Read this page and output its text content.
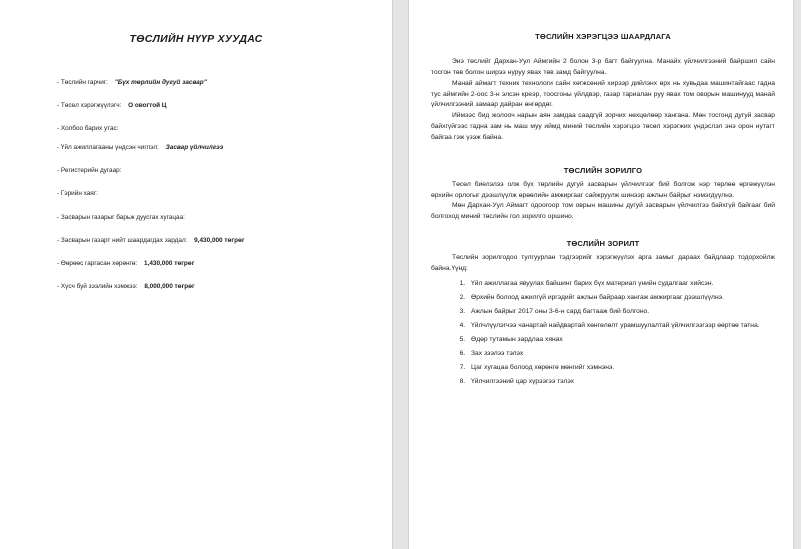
ТӨСЛИЙН НҮҮР ХУУДАС
- Төслийн гарчиг: "Бүх төрлийн дугуй засвар"
- Төсөл хэрэгжүүлэгч: О овогтой Ц
- Холбоо барих утас:
- Үйл ажиллагааны үндсэн чиглэл: Засвар үйлчилгээ
- Регистерийн дугаар:
- Гэрийн хаяг:
- Засварын газарыг барьж дуусгах хугацаа:
- Засварын газарт нийт шаардагдах зардал: 9,430,000 төгрөг
- Өөрөөс гаргасан хөрөнгө: 1,430,000 төгрөг
- Хүсч буй зээлийн хэмжээ: 8,000,000 төгрөг
ТӨСЛИЙН ХЭРЭГЦЭЭ ШААРДЛАГА

Энэ төслийг Дархан-Уул Аймгийн 2 болон 3-р багт байгуулна. Манайх үйлчилгээний байршил сайн тосгон төв болон ширээ нуруу явах төв замд байгуулна.

Манай аймагт техник технологи сайн хөгжсөний хирээр дийлэнх өрх нь хувьдаа машинтайгаас гадна тус аймгийн 2-оос 3-н элсэн креэр, тоосгоны үйлдвэр, газар тариалан руу явах том оворын машинууд манай үйлчилгээний замаар дайран өнгөрдөг.

Иймээс бид жолооч нарын аян замдаа саадгүй зорчих нөхцөлөөр хангана. Мөн тосгонд дугуй засвар байхгүйгээс гадна зам нь маш муу иймд миний төслийн хэрэгцээ төсөл хэрэгжих үндэслэл энэ орон нутагт байгаа гэж үзэж байна.

ТӨСЛИЙН ЗОРИЛГО

Төсөл биелэлээ олж бүх төрлийн дугуй засварын үйлчилгээг бий болгож нэр төрлөө өргөжүүлэн өрхийн орлогыг дээшлүүлж өрөөлийн амжиргааг сайжруулж шинээр ажлын байрыг нэмэгдүүлнэ.

Мөн Дархан-Уул Аймагт одоогоор том оврын машины дугуй засварын үйлчилгээ байхгүй байгааг бий болгоход миний төслийн гол зорилго оршино.

ТӨСЛИЙН ЗОРИЛТ

Төслийн зорилгодоо тулгуурлан тэдгээрийг хэрэгжүүлэх арга замыг дараах байдлаар тодорхойлж байна.Үүнд:

1. Үйл ажиллагаа явуулах байшинг барих бүх материал үнийн судалгааг хийсэн.
2. Өрхийн болоод ажилгүй иргэдийг ажлын байраар хангаж амжиргааг дээшлүүлнэ.
3. Ажлын байрыг 2017 оны 3-6-н сард багтааж бий болгоно.
4. Үйлчлүүлэгчээ чанартай найдвартай хөнгөлөлт урамшуулалтай үйлчилгээгээр өөртөө татна.
5. Өдөр тутамын зардлаа хянах
6. Зах зээлээ тэлэх
7. Цаг хугацаа болоод хөрөнгө мөнгийг хэмнэнэ.
8. Үйлчилгээний цар хүрээгээ тэлэх
